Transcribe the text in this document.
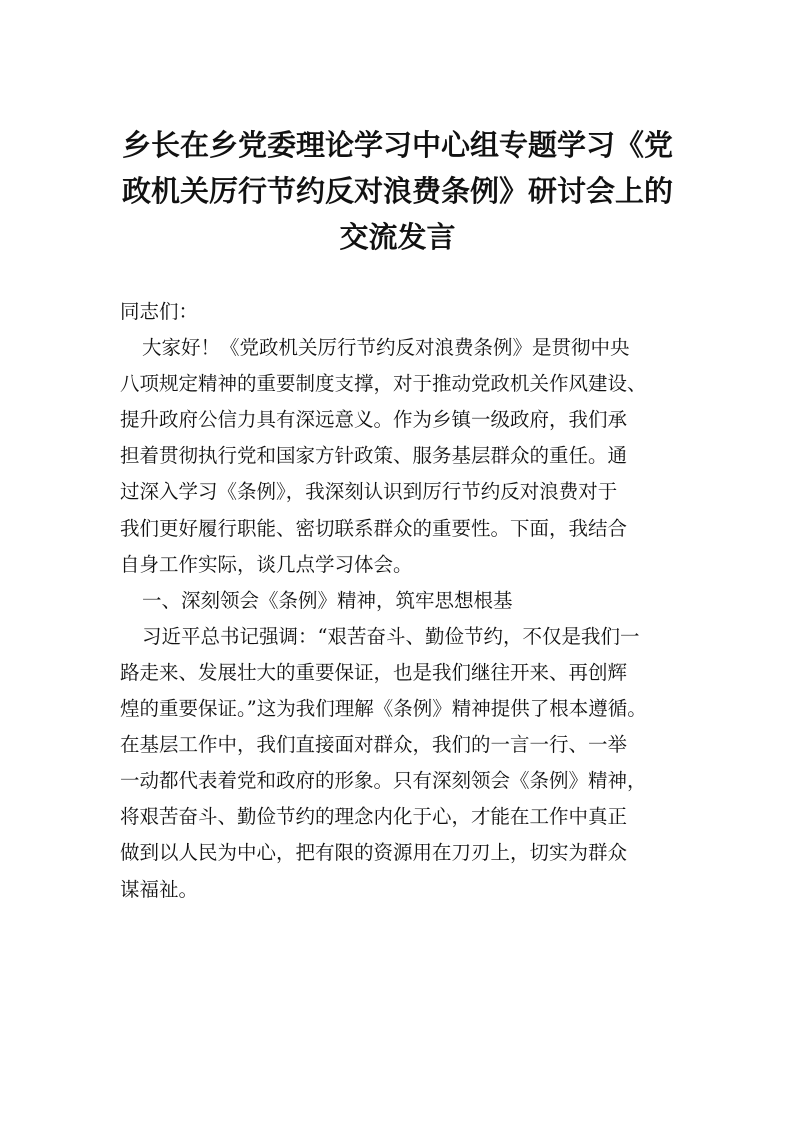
乡长在乡党委理论学习中心组专题学习《党
政机关厉行节约反对浪费条例》研讨会上的
交流发言
同志们：
大家好！《党政机关厉行节约反对浪费条例》是贯彻中央
八项规定精神的重要制度支撑，对于推动党政机关作风建设、
提升政府公信力具有深远意义。作为乡镇一级政府，我们承
担着贯彻执行党和国家方针政策、服务基层群众的重任。通
过深入学习《条例》，我深刻认识到厉行节约反对浪费对于
我们更好履行职能、密切联系群众的重要性。下面，我结合
自身工作实际，谈几点学习体会。
一、深刻领会《条例》精神，筑牢思想根基
习近平总书记强调：“艰苦奋斗、勤俭节约，不仅是我们一
路走来、发展壮大的重要保证，也是我们继往开来、再创辉
煌的重要保证。”这为我们理解《条例》精神提供了根本遵循。
在基层工作中，我们直接面对群众，我们的一言一行、一举
一动都代表着党和政府的形象。只有深刻领会《条例》精神，
将艰苦奋斗、勤俭节约的理念内化于心，才能在工作中真正
做到以人民为中心，把有限的资源用在刀刃上，切实为群众
谋福祉。
